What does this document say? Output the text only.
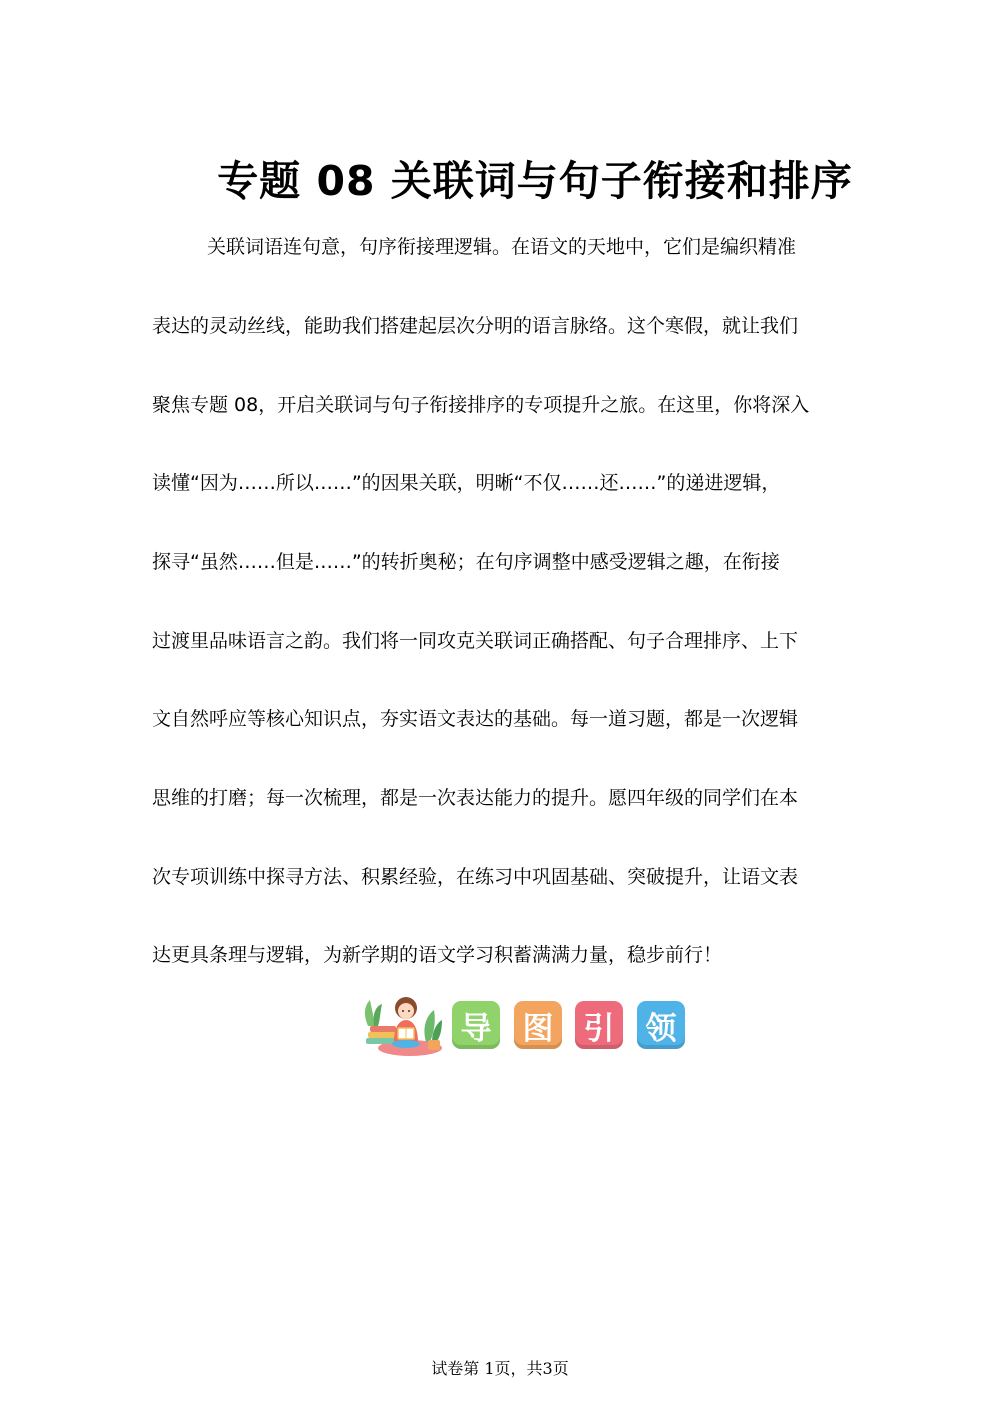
专题 08 关联词与句子衔接和排序
关联词语连句意，句序衔接理逻辑。在语文的天地中，它们是编织精准
表达的灵动丝线，能助我们搭建起层次分明的语言脉络。这个寒假，就让我们
聚焦专题 08，开启关联词与句子衔接排序的专项提升之旅。在这里，你将深入
读懂“因为……所以……”的因果关联，明晰“不仅……还……”的递进逻辑，
探寻“虽然……但是……”的转折奥秘；在句序调整中感受逻辑之趣，在衔接
过渡里品味语言之韵。我们将一同攻克关联词正确搭配、句子合理排序、上下
文自然呼应等核心知识点，夯实语文表达的基础。每一道习题，都是一次逻辑
思维的打磨；每一次梳理，都是一次表达能力的提升。愿四年级的同学们在本
次专项训练中探寻方法、积累经验，在练习中巩固基础、突破提升，让语文表
达更具条理与逻辑，为新学期的语文学习积蓄满满力量，稳步前行！
导 图 引 领
试卷第 1页，共3页
